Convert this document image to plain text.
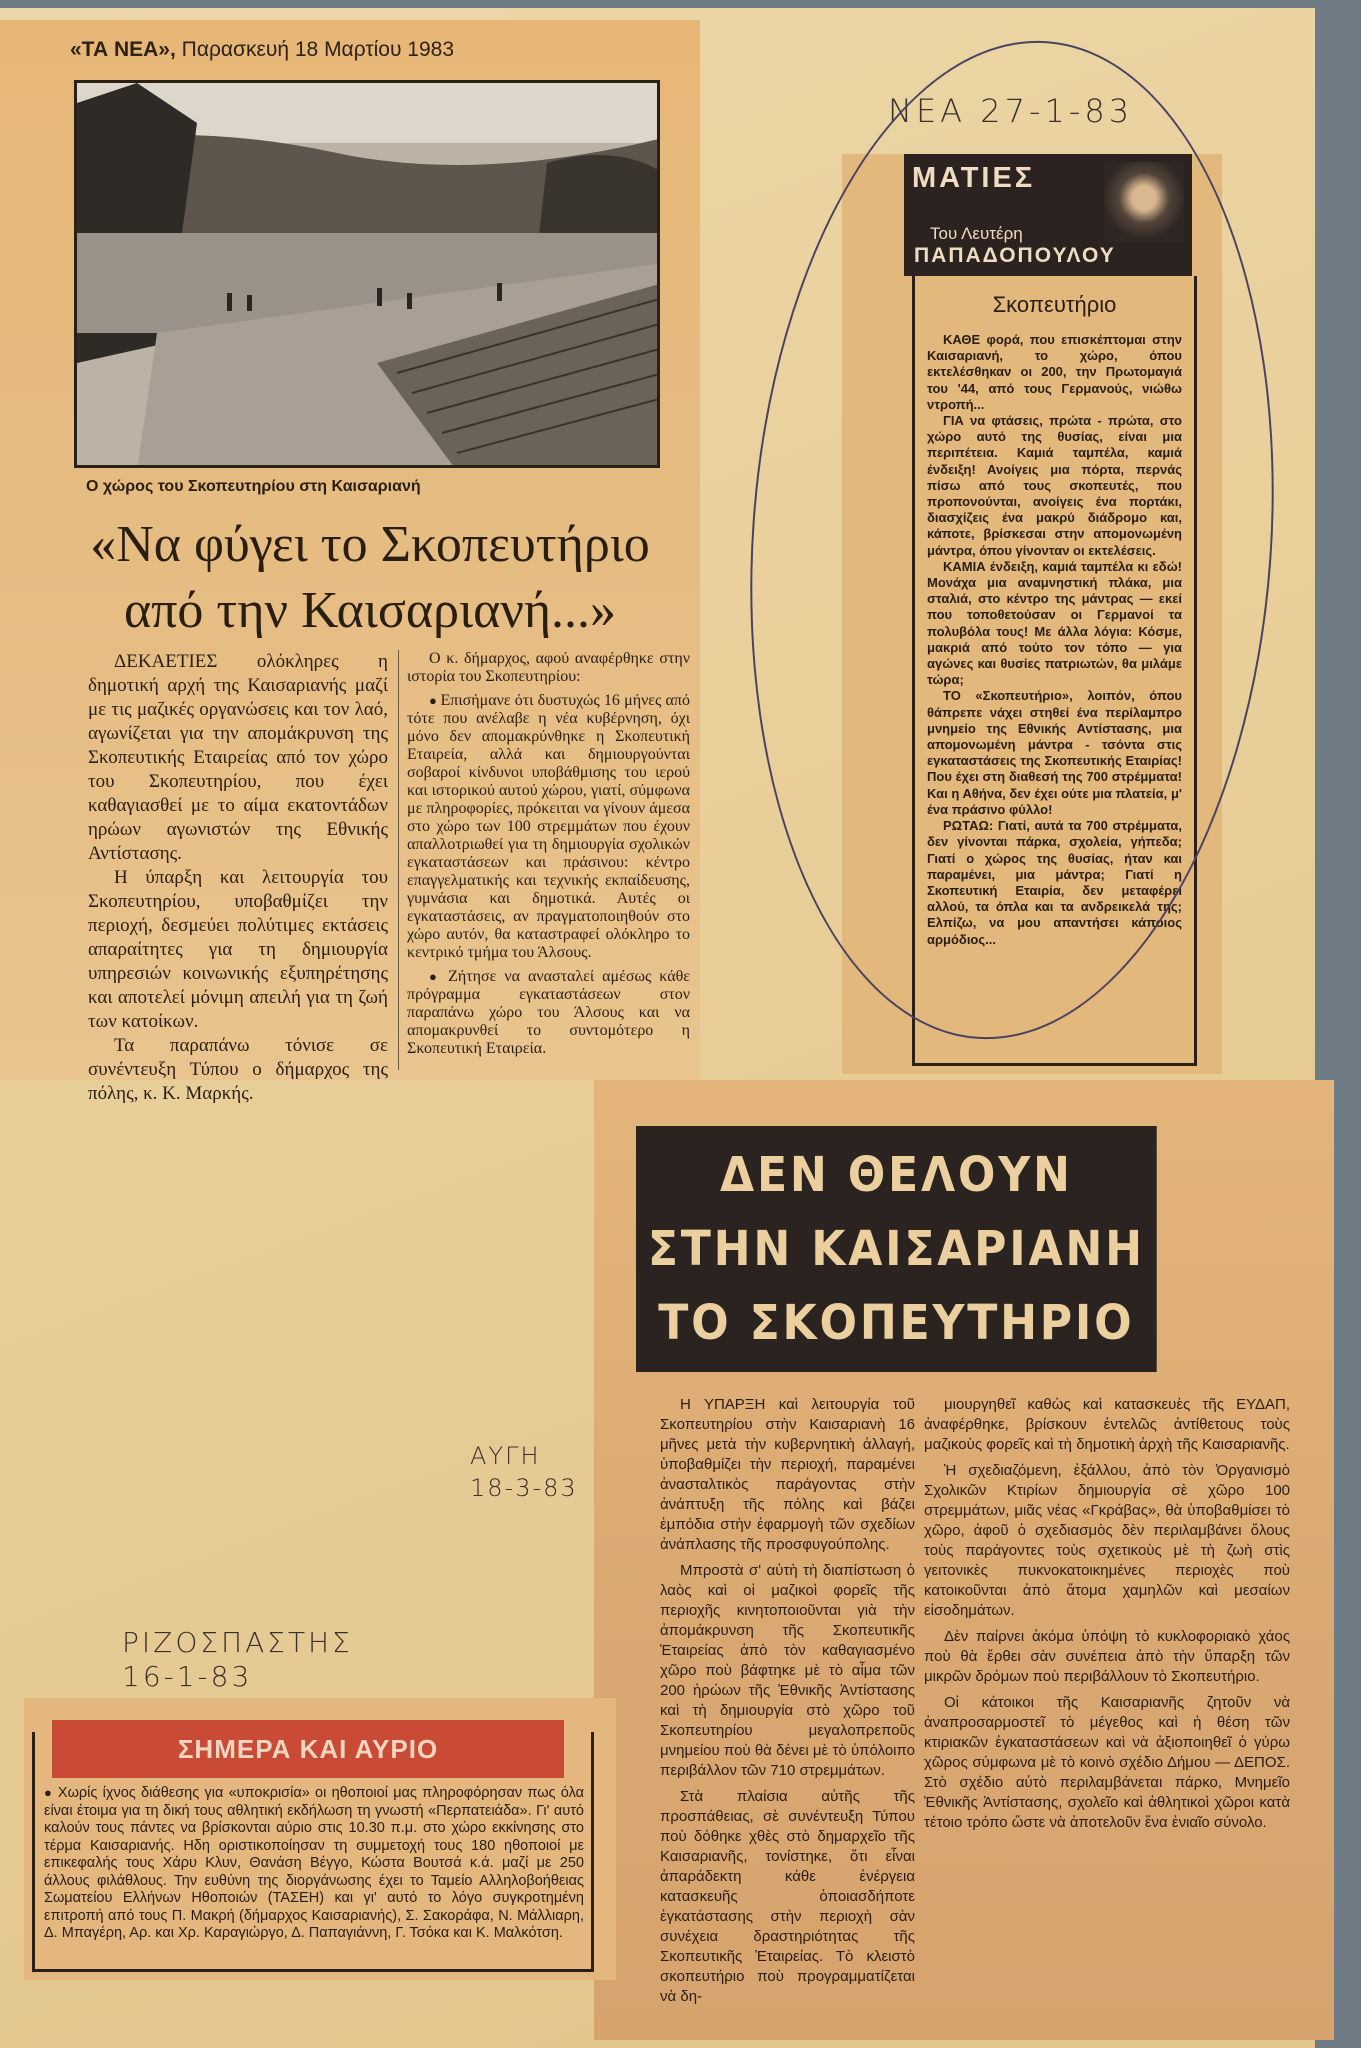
«ΤΑ ΝΕΑ», Παρασκευή 18 Μαρτίου 1983
Ο χώρος του Σκοπευτηρίου στη Καισαριανή
«Να φύγει το Σκοπευτήριο
από την Καισαριανή...»

ΔΕΚΑΕΤΙΕΣ ολόκληρες η δημοτική αρχή της Καισαριανής μαζί με τις μαζικές οργανώσεις και τον λαό, αγωνίζεται για την απομάκρυνση της Σκοπευτικής Εταιρείας από τον χώρο του Σκοπευτηρίου, που έχει καθαγιασθεί με το αίμα εκατοντάδων ηρώων αγωνιστών της Εθνικής Αντίστασης.

Η ύπαρξη και λειτουργία του Σκοπευτηρίου, υποβαθμίζει την περιοχή, δεσμεύει πολύτιμες εκτάσεις απαραίτητες για τη δημιουργία υπηρεσιών κοινωνικής εξυπηρέτησης και αποτελεί μόνιμη απειλή για τη ζωή των κατοίκων.

Τα παραπάνω τόνισε σε συνέντευξη Τύπου ο δήμαρχος της πόλης, κ. Κ. Μαρκής.

Ο κ. δήμαρχος, αφού αναφέρθηκε στην ιστορία του Σκοπευτηρίου:

● Επισήμανε ότι δυστυχώς 16 μήνες από τότε που ανέλαβε η νέα κυβέρνηση, όχι μόνο δεν απομακρύνθηκε η Σκοπευτική Εταιρεία, αλλά και δημιουργούνται σοβαροί κίνδυνοι υποβάθμισης του ιερού και ιστορικού αυτού χώρου, γιατί, σύμφωνα με πληροφορίες, πρόκειται να γίνουν άμεσα στο χώρο των 100 στρεμμάτων που έχουν απαλλοτριωθεί για τη δημιουργία σχολικών εγκαταστάσεων και πράσινου: κέντρο επαγγελματικής και τεχνικής εκπαίδευσης, γυμνάσια και δημοτικά. Αυτές οι εγκαταστάσεις, αν πραγματοποιηθούν στο χώρο αυτόν, θα καταστραφεί ολόκληρο το κεντρικό τμήμα του Άλσους.

● Ζήτησε να ανασταλεί αμέσως κάθε πρόγραμμα εγκαταστάσεων στον παραπάνω χώρο του Άλσους και να απομακρυνθεί το συντομότερο η Σκοπευτική Εταιρεία.

ΝΕΑ 27-1-83
ΜΑΤΙΕΣ
Του Λευτέρη
ΠΑΠΑΔΟΠΟΥΛΟΥ
Σκοπευτήριο

ΚΑΘΕ φορά, που επισκέπτομαι στην Καισαριανή, το χώρο, όπου εκτελέσθηκαν οι 200, την Πρωτομαγιά του '44, από τους Γερμανούς, νιώθω ντροπή...

ΓΙΑ να φτάσεις, πρώτα - πρώτα, στο χώρο αυτό της θυσίας, είναι μια περιπέτεια. Καμιά ταμπέλα, καμιά ένδειξη! Ανοίγεις μια πόρτα, περνάς πίσω από τους σκοπευτές, που προπονούνται, ανοίγεις ένα πορτάκι, διασχίζεις ένα μακρύ διάδρομο και, κάποτε, βρίσκεσαι στην απομονωμένη μάντρα, όπου γίνονταν οι εκτελέσεις.

ΚΑΜΙΑ ένδειξη, καμιά ταμπέλα κι εδώ! Μονάχα μια αναμνηστική πλάκα, μια σταλιά, στο κέντρο της μάντρας — εκεί που τοποθετούσαν οι Γερμανοί τα πολυβόλα τους! Με άλλα λόγια: Κόσμε, μακριά από τούτο τον τόπο — για αγώνες και θυσίες πατριωτών, θα μιλάμε τώρα;

ΤΟ «Σκοπευτήριο», λοιπόν, όπου θάπρεπε νάχει στηθεί ένα περίλαμπρο μνημείο της Εθνικής Αντίστασης, μια απομονωμένη μάντρα - τσόντα στις εγκαταστάσεις της Σκοπευτικής Εταιρίας! Που έχει στη διαθεσή της 700 στρέμματα! Και η Αθήνα, δεν έχει ούτε μια πλατεία, μ' ένα πράσινο φύλλο!

ΡΩΤΑΩ: Γιατί, αυτά τα 700 στρέμματα, δεν γίνονται πάρκα, σχολεία, γήπεδα; Γιατί ο χώρος της θυσίας, ήταν και παραμένει, μια μάντρα; Γιατί η Σκοπευτική Εταιρία, δεν μεταφέρει αλλού, τα όπλα και τα ανδρεικελά της; Ελπίζω, να μου απαντήσει κάποιος αρμόδιος...

ΔΕΝ ΘΕΛΟΥΝ
ΣΤΗΝ ΚΑΙΣΑΡΙΑΝΗ
ΤΟ ΣΚΟΠΕΥΤΗΡΙΟ

Η ΥΠΑΡΞΗ καὶ λειτουργία τοῦ Σκοπευτηρίου στὴν Καισαριανὴ 16 μῆνες μετὰ τὴν κυβερνητικὴ ἀλλαγή, ὑποβαθμίζει τὴν περιοχή, παραμένει ἀνασταλτικὸς παράγοντας στὴν ἀνάπτυξη τῆς πόλης καὶ βάζει ἐμπόδια στὴν ἐφαρμογὴ τῶν σχεδίων ἀνάπλασης τῆς προσφυγούπολης.

Μπροστὰ σ' αὐτὴ τὴ διαπίστωση ὁ λαὸς καὶ οἱ μαζικοὶ φορεῖς τῆς περιοχῆς κινητοποιοῦνται γιὰ τὴν ἀπομάκρυνση τῆς Σκοπευτικῆς Ἑταιρείας ἀπὸ τὸν καθαγιασμένο χῶρο ποὺ βάφτηκε μὲ τὸ αἷμα τῶν 200 ἡρώων τῆς Ἐθνικῆς Ἀντίστασης καὶ τὴ δημιουργία στὸ χῶρο τοῦ Σκοπευτηρίου μεγαλοπρεποῦς μνημείου ποὺ θὰ δένει μὲ τὸ ὑπόλοιπο περιβάλλον τῶν 710 στρεμμάτων.

Στὰ πλαίσια αὐτῆς τῆς προσπάθειας, σὲ συνέντευξη Τύπου ποὺ δόθηκε χθὲς στὸ δημαρχεῖο τῆς Καισαριανῆς, τονίστηκε, ὅτι εἶναι ἀπαράδεκτη κάθε ἐνέργεια κατασκευῆς ὁποιασδήποτε ἐγκατάστασης στὴν περιοχὴ σὰν συνέχεια δραστηριότητας τῆς Σκοπευτικῆς Ἑταιρείας. Τὸ κλειστὸ σκοπευτήριο ποὺ προγραμματίζεται νὰ δη-

μιουργηθεῖ καθὼς καὶ κατασκευὲς τῆς ΕΥΔΑΠ, ἀναφέρθηκε, βρίσκουν ἐντελῶς ἀντίθετους τοὺς μαζικοὺς φορεῖς καὶ τὴ δημοτικὴ ἀρχὴ τῆς Καισαριανῆς.

Ἡ σχεδιαζόμενη, ἐξάλλου, ἀπὸ τὸν Ὀργανισμὸ Σχολικῶν Κτιρίων δημιουργία σὲ χῶρο 100 στρεμμάτων, μιᾶς νέας «Γκράβας», θὰ ὑποβαθμίσει τὸ χῶρο, ἀφοῦ ὁ σχεδιασμὸς δὲν περιλαμβάνει ὅλους τοὺς παράγοντες τοὺς σχετικοὺς μὲ τὴ ζωὴ στὶς γειτονικὲς πυκνοκατοικημένες περιοχὲς ποὺ κατοικοῦνται ἀπὸ ἄτομα χαμηλῶν καὶ μεσαίων εἰσοδημάτων.

Δὲν παίρνει ἀκόμα ὑπόψη τὸ κυκλοφοριακὸ χάος ποὺ θὰ ἔρθει σὰν συνέπεια ἀπὸ τὴν ὕπαρξη τῶν μικρῶν δρόμων ποὺ περιβάλλουν τὸ Σκοπευτήριο.

Οἱ κάτοικοι τῆς Καισαριανῆς ζητοῦν νὰ ἀναπροσαρμοστεῖ τὸ μέγεθος καὶ ἡ θέση τῶν κτιριακῶν ἐγκαταστάσεων καὶ νὰ ἀξιοποιηθεῖ ὁ γύρω χῶρος σύμφωνα μὲ τὸ κοινὸ σχέδιο Δήμου — ΔΕΠΟΣ. Στὸ σχέδιο αὐτὸ περιλαμβάνεται πάρκο, Μνημεῖο Ἐθνικῆς Ἀντίστασης, σχολεῖο καὶ ἀθλητικοὶ χῶροι κατὰ τέτοιο τρόπο ὥστε νὰ ἀποτελοῦν ἕνα ἑνιαῖο σύνολο.

ΑΥΓΗ
18-3-83
ΡΙΖΟΣΠΑΣΤΗΣ
16-1-83
ΣΗΜΕΡΑ ΚΑΙ ΑΥΡΙΟ
● Χωρίς ίχνος διάθεσης για «υποκρισία» οι ηθοποιοί μας πληροφόρησαν πως όλα είναι έτοιμα για τη δική τους αθλητική εκδήλωση τη γνωστή «Περπατειάδα». Γι' αυτό καλούν τους πάντες να βρίσκονται αύριο στις 10.30 π.μ. στο χώρο εκκίνησης στο τέρμα Καισαριανής. Ηδη οριστικοποίησαν τη συμμετοχή τους 180 ηθοποιοί με επικεφαλής τους Χάρυ Κλυν, Θανάση Βέγγο, Κώστα Βουτσά κ.ά. μαζί με 250 άλλους φιλάθλους. Την ευθύνη της διοργάνωσης έχει το Ταμείο Αλληλοβοήθειας Σωματείου Ελλήνων Ηθοποιών (ΤΑΣΕΗ) και γι' αυτό το λόγο συγκροτημένη επιτροπή από τους Π. Μακρή (δήμαρχος Καισαριανής), Σ. Σακοράφα, Ν. Μάλλιαρη, Δ. Μπαγέρη, Αρ. και Χρ. Καραγιώργο, Δ. Παπαγιάννη, Γ. Τσόκα και Κ. Μαλκότση.
